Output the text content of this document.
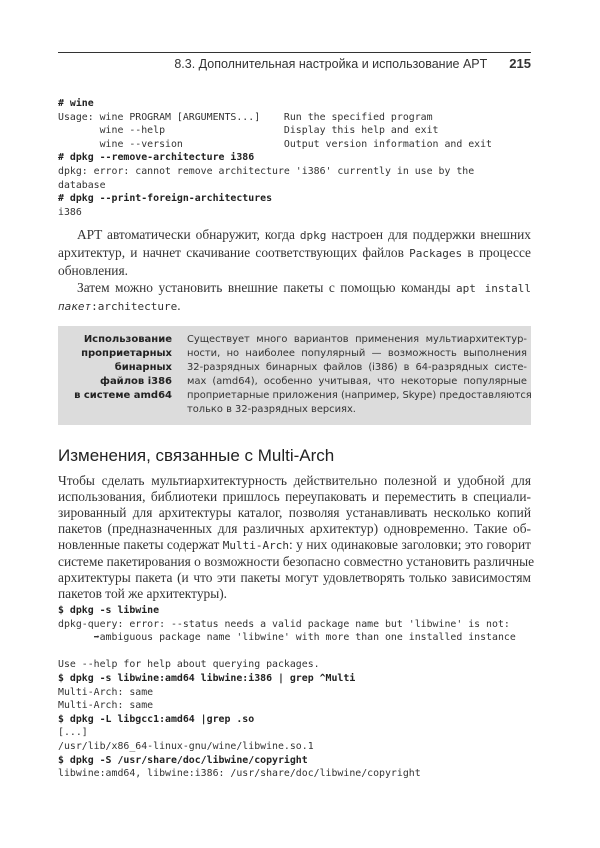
8.3. Дополнительная настройка и использование APT 215
# wine
Usage: wine PROGRAM [ARGUMENTS...]    Run the specified program
wine --help                    Display this help and exit
wine --version                 Output version information and exit
# dpkg --remove-architecture i386
dpkg: error: cannot remove architecture 'i386' currently in use by the
database
# dpkg --print-foreign-architectures
i386

APT автоматически обнаружит, когда dpkg настроен для поддержки внешних
архитектур, и начнет скачивание соответствующих файлов Packages в процессе
обновления.
Затем можно установить внешние пакеты с помощью команды apt install
пакет:architecture.
Использование
проприетарных
бинарных
файлов i386
в системе amd64
Существует много вариантов применения мультиархитектур-
ности, но наиболее популярный — возможность выполнения
32-разрядных бинарных файлов (i386) в 64-разрядных систе-
мах (amd64), особенно учитывая, что некоторые популярные
проприетарные приложения (например, Skype) предоставляются
только в 32-разрядных версиях.
Изменения, связанные с Multi-Arch
Чтобы сделать мультиархитектурность действительно полезной и удобной для
использования, библиотеки пришлось переупаковать и переместить в специали-
зированный для архитектуры каталог, позволяя устанавливать несколько копий
пакетов (предназначенных для различных архитектур) одновременно. Такие об-
новленные пакеты содержат Multi-Arch: у них одинаковые заголовки; это говорит
системе пакетирования о возможности безопасно совместно установить различные
архитектуры пакета (и что эти пакеты могут удовлетворять только зависимостям
пакетов той же архитектуры).
$ dpkg -s libwine
dpkg-query: error: --status needs a valid package name but 'libwine' is not:
➡ambiguous package name 'libwine' with more than one installed instance

Use --help for help about querying packages.
$ dpkg -s libwine:amd64 libwine:i386 | grep ^Multi
Multi-Arch: same
Multi-Arch: same
$ dpkg -L libgcc1:amd64 |grep .so
[...]
/usr/lib/x86_64-linux-gnu/wine/libwine.so.1
$ dpkg -S /usr/share/doc/libwine/copyright
libwine:amd64, libwine:i386: /usr/share/doc/libwine/copyright
